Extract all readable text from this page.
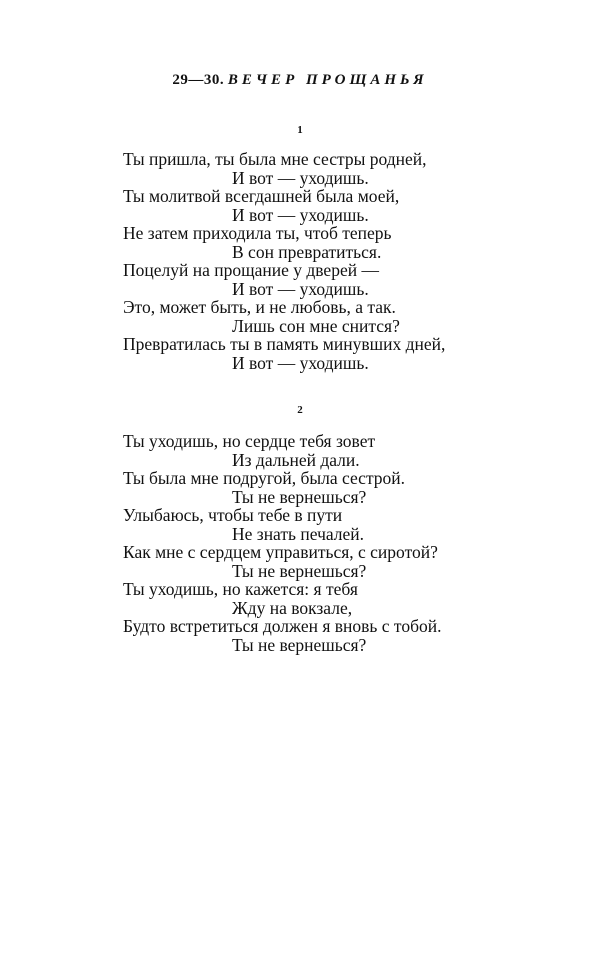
29—30. ВЕЧЕР ПРОЩАНЬЯ
1
Ты пришла, ты была мне сестры родней,
И вот — уходишь.
Ты молитвой всегдашней была моей,
И вот — уходишь.
Не затем приходила ты, чтоб теперь
В сон превратиться.
Поцелуй на прощание у дверей —
И вот — уходишь.
Это, может быть, и не любовь, а так.
Лишь сон мне снится?
Превратилась ты в память минувших дней,
И вот — уходишь.
2
Ты уходишь, но сердце тебя зовет
Из дальней дали.
Ты была мне подругой, была сестрой.
Ты не вернешься?
Улыбаюсь, чтобы тебе в пути
Не знать печалей.
Как мне с сердцем управиться, с сиротой?
Ты не вернешься?
Ты уходишь, но кажется: я тебя
Жду на вокзале,
Будто встретиться должен я вновь с тобой.
Ты не вернешься?
